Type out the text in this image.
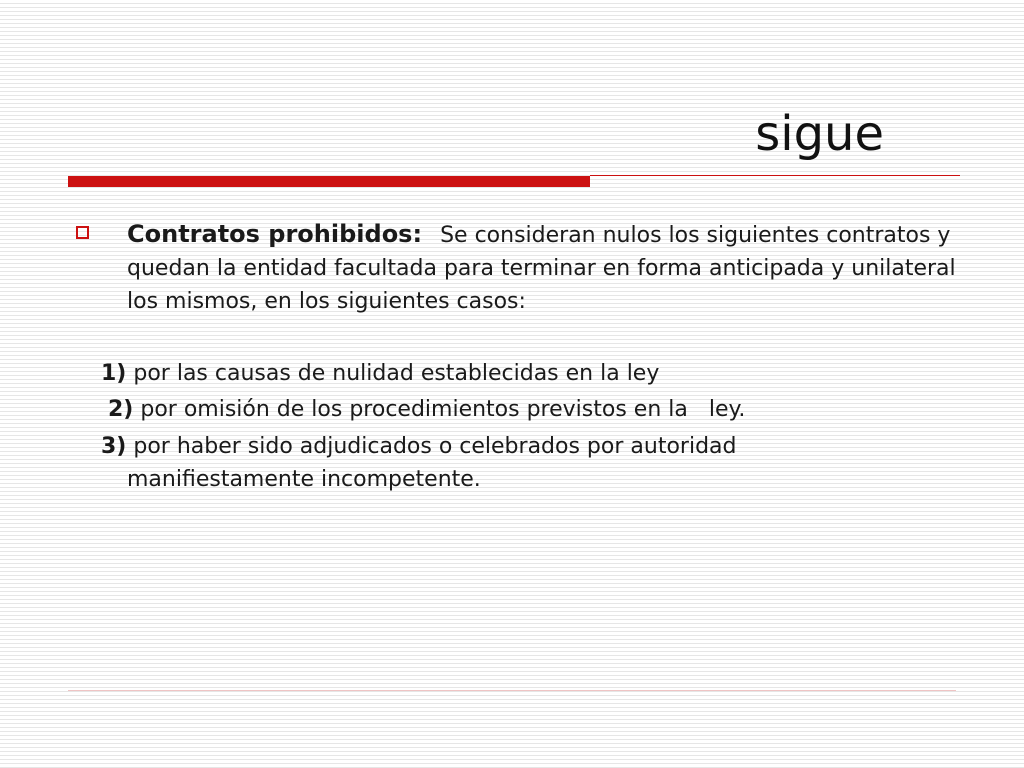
sigue

Contratos prohibidos: Se consideran nulos los siguientes contratos y quedan la entidad facultada para terminar en forma anticipada y unilateral los mismos, en los siguientes casos:

1) por las causas de nulidad establecidas en la ley

2) por omisión de los procedimientos previstos en la   ley.

3) por haber sido adjudicados o celebrados por autoridad manifiestamente incompetente.
